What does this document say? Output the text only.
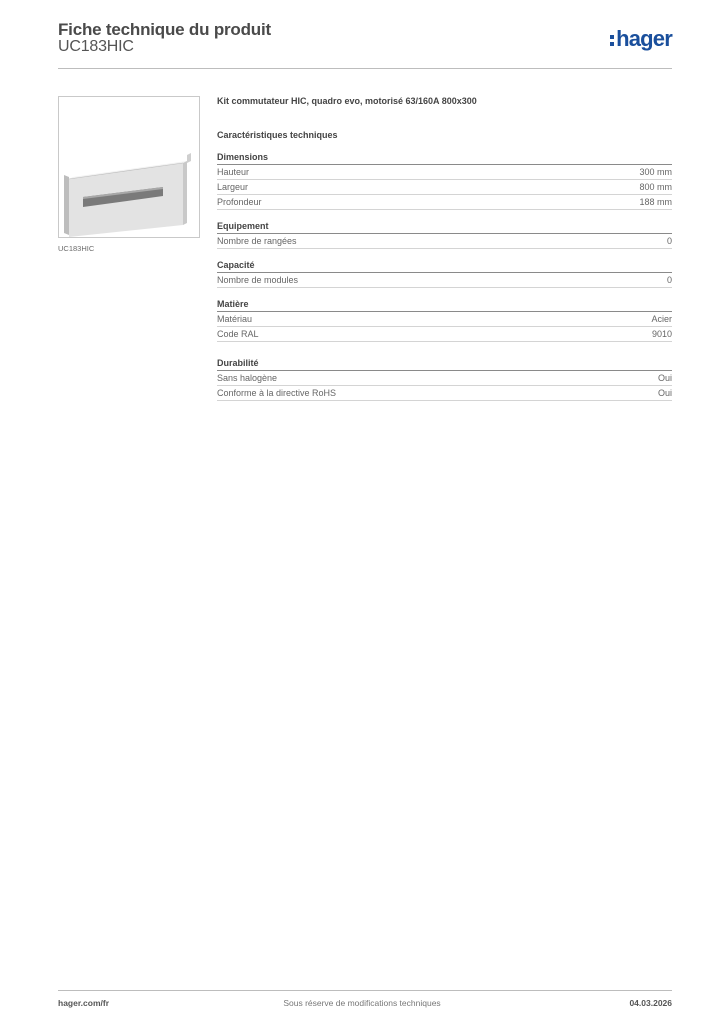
Fiche technique du produit
UC183HIC	hager
UC183HIC
Kit commutateur HIC, quadro evo, motorisé 63/160A 800x300
Caractéristiques techniques
Dimensions
Hauteur	300 mm
Largeur	800 mm
Profondeur	188 mm
Equipement
Nombre de rangées	0
Capacité
Nombre de modules	0
Matière
Matériau	Acier
Code RAL	9010
Durabilité
Sans halogène	Oui
Conforme à la directive RoHS	Oui
hager.com/fr	Sous réserve de modifications techniques	04.03.2026
